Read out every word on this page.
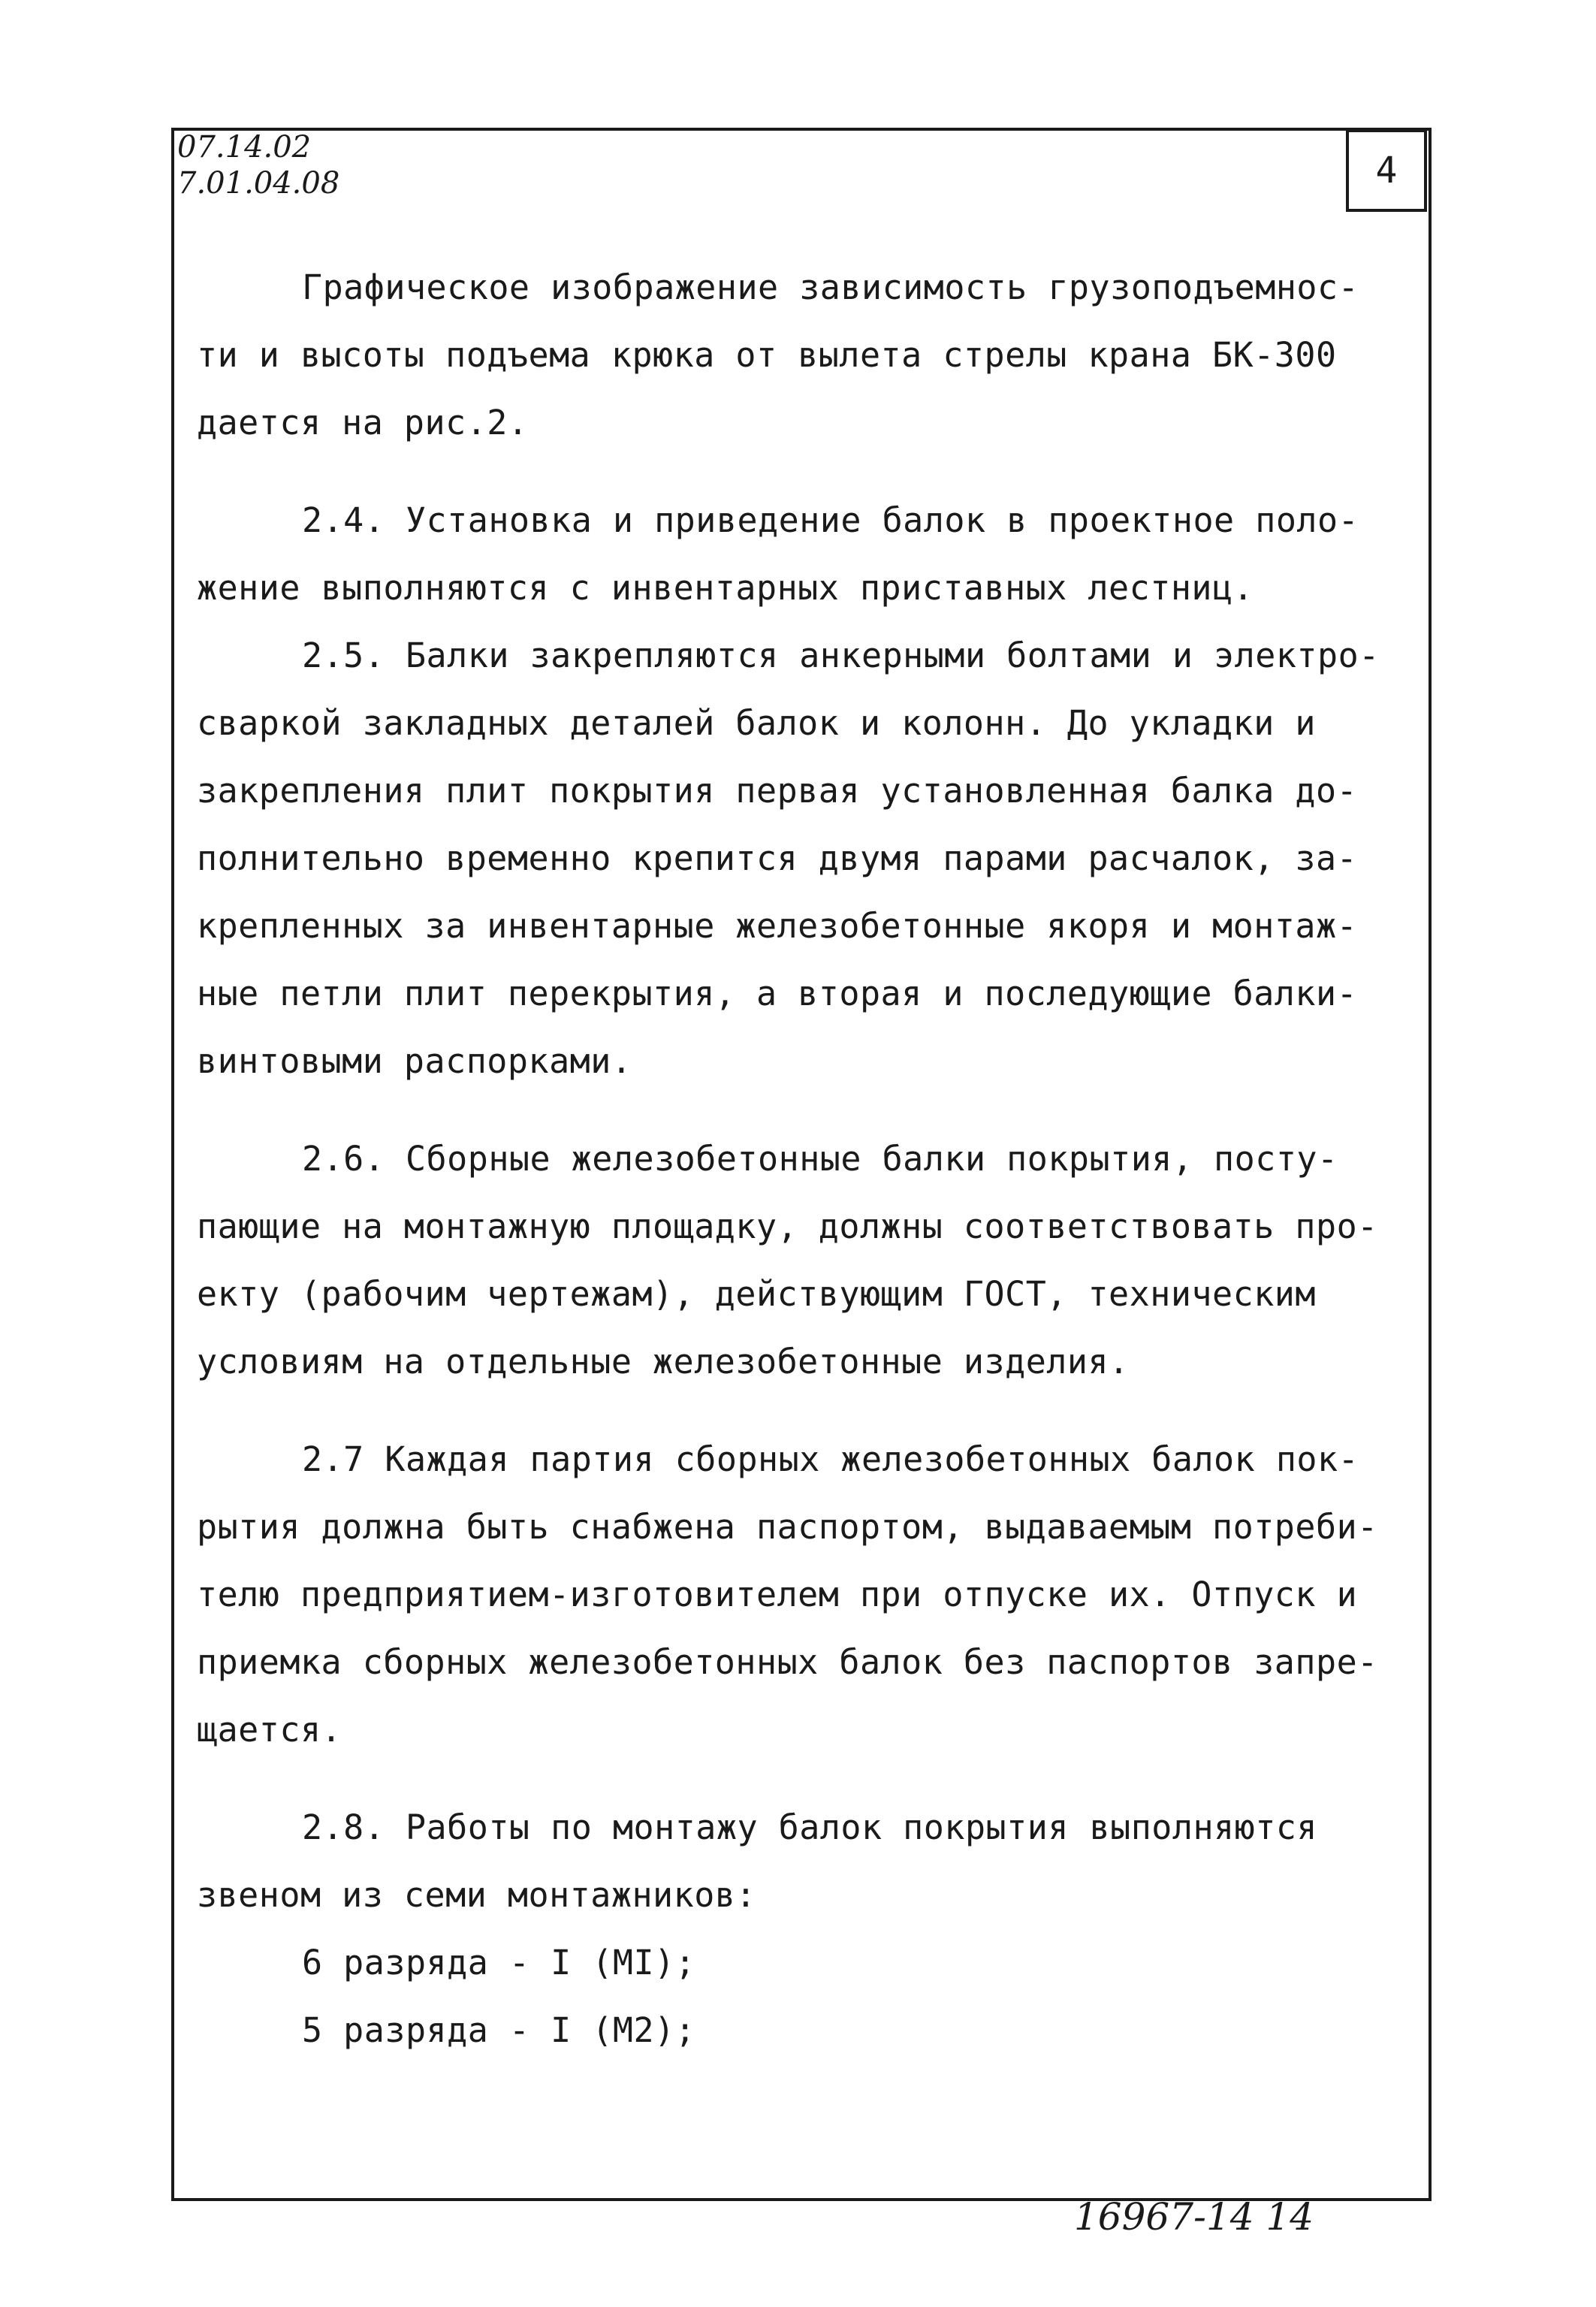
07.14.02
7.01.04.08	4
Графическое изображение зависимость грузоподъемнос-
ти и высоты подъема крюка от вылета стрелы крана БК-300
дается на рис.2.
2.4. Установка и приведение балок в проектное поло-
жение выполняются с инвентарных приставных лестниц.
2.5. Балки закрепляются анкерными болтами и электро-
сваркой закладных деталей балок и колонн. До укладки и
закрепления плит покрытия первая установленная балка до-
полнительно временно крепится двумя парами расчалок, за-
крепленных за инвентарные железобетонные якоря и монтаж-
ные петли плит перекрытия, а вторая и последующие балки-
винтовыми распорками.
2.6. Сборные железобетонные балки покрытия, посту-
пающие на монтажную площадку, должны соответствовать про-
екту (рабочим чертежам), действующим ГОСТ, техническим
условиям на отдельные железобетонные изделия.
2.7 Каждая партия сборных железобетонных балок пок-
рытия должна быть снабжена паспортом, выдаваемым потреби-
телю предприятием-изготовителем при отпуске их. Отпуск и
приемка сборных железобетонных балок без паспортов запре-
щается.
2.8. Работы по монтажу балок покрытия выполняются
звеном из семи монтажников:
6 разряда - I (МI);
5 разряда - I (М2);
16967-14 14
